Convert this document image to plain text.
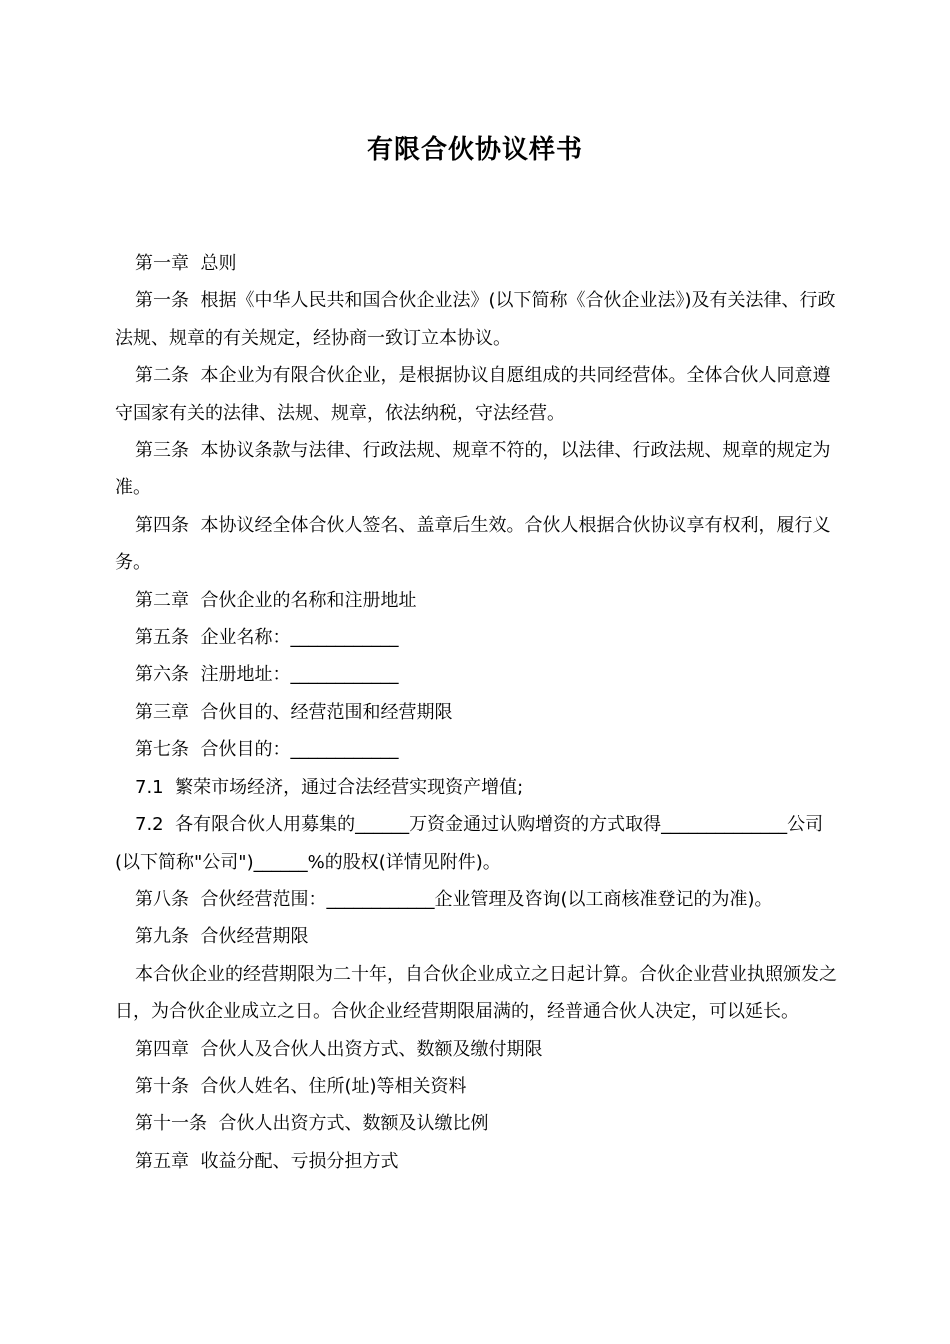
有限合伙协议样书

第一章  总则

第一条  根据《中华人民共和国合伙企业法》(以下简称《合伙企业法》)及有关法律、行政法规、规章的有关规定，经协商一致订立本协议。

第二条  本企业为有限合伙企业，是根据协议自愿组成的共同经营体。全体合伙人同意遵守国家有关的法律、法规、规章，依法纳税，守法经营。

第三条  本协议条款与法律、行政法规、规章不符的，以法律、行政法规、规章的规定为准。

第四条  本协议经全体合伙人签名、盖章后生效。合伙人根据合伙协议享有权利，履行义务。

第二章  合伙企业的名称和注册地址

第五条  企业名称：____________

第六条  注册地址：____________

第三章  合伙目的、经营范围和经营期限

第七条  合伙目的：____________

7.1  繁荣市场经济，通过合法经营实现资产增值;

7.2  各有限合伙人用募集的______万资金通过认购增资的方式取得______________公司(以下简称"公司")______%的股权(详情见附件)。

第八条  合伙经营范围：____________企业管理及咨询(以工商核准登记的为准)。

第九条  合伙经营期限

本合伙企业的经营期限为二十年，自合伙企业成立之日起计算。合伙企业营业执照颁发之日，为合伙企业成立之日。合伙企业经营期限届满的，经普通合伙人决定，可以延长。

第四章  合伙人及合伙人出资方式、数额及缴付期限

第十条  合伙人姓名、住所(址)等相关资料

第十一条  合伙人出资方式、数额及认缴比例

第五章  收益分配、亏损分担方式
